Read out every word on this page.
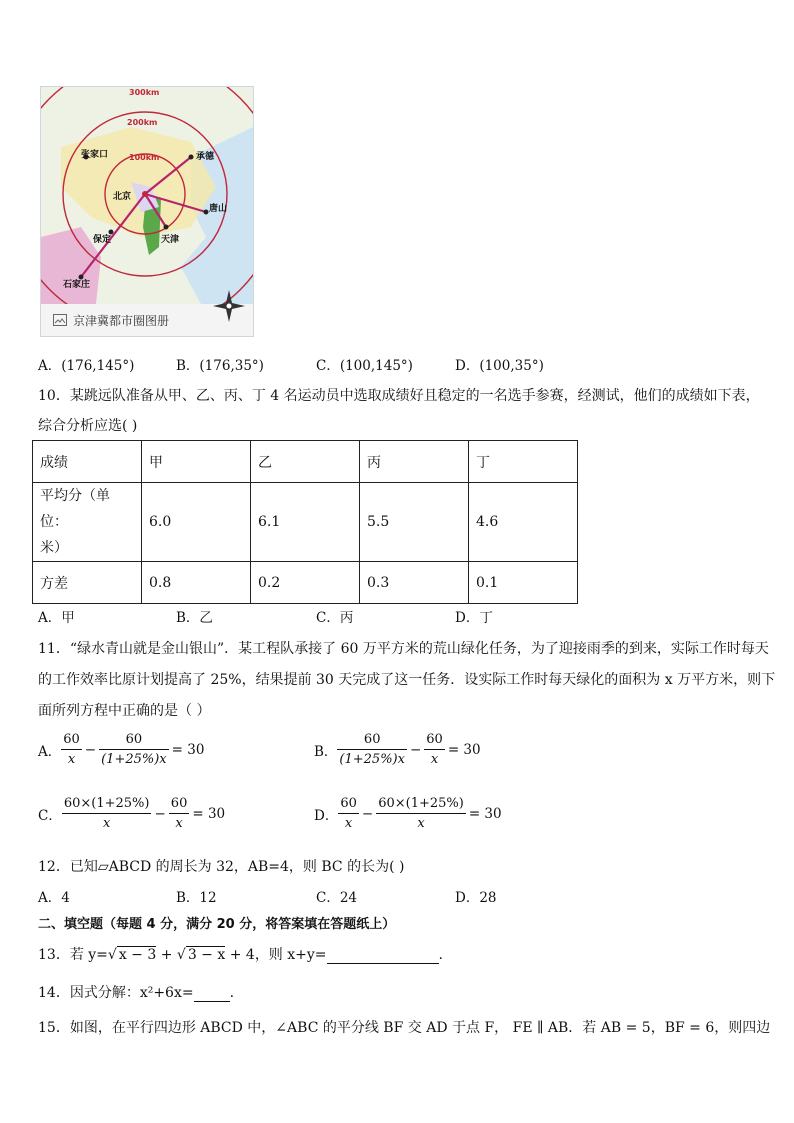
300km
200km
100km
张家口	承德
北京
唐山
保定	天津
石家庄
京津冀都市圈图册
A．(176,145°)	B．(176,35°)	C．(100,145°)	D．(100,35°)
10．某跳远队准备从甲、乙、丙、丁 4 名运动员中选取成绩好且稳定的一名选手参赛，经测试，他们的成绩如下表，
综合分析应选( )
成绩	甲	乙	丙	丁

平均分（单位：
米）	6.0	6.1	5.5	4.6
方差	0.8	0.2	0.3	0.1
A．甲	B．乙	C．丙	D．丁
11．“绿水青山就是金山银山”．某工程队承接了 60 万平方米的荒山绿化任务，为了迎接雨季的到来，实际工作时每天
的工作效率比原计划提高了 25%，结果提前 30 天完成了这一任务．设实际工作时每天绿化的面积为 x 万平方米，则下
面所列方程中正确的是（ ）
A． $\frac{60}{x} - \frac{60}{(1+25\%)x} = 30$	B． $\frac{60}{(1+25\%)x} - \frac{60}{x} = 30$
C． $\frac{60\times(1+25\%)}{x} - \frac{60}{x} = 30$	D． $\frac{60}{x} - \frac{60\times(1+25\%)}{x} = 30$
12．已知▱ABCD 的周长为 32，AB=4，则 BC 的长为( )
A．4	B．12	C．24	D．28
二、填空题（每题 4 分，满分 20 分，将答案填在答题纸上）
13．若 y=√ x − 3 + √ 3 − x + 4，则 x+y=	.
14．因式分解：x²+6x=	.
15．如图，在平行四边形 ABCD 中，∠ABC 的平分线 BF 交 AD 于点 F， FE ∥ AB．若 AB = 5，BF = 6，则四边
